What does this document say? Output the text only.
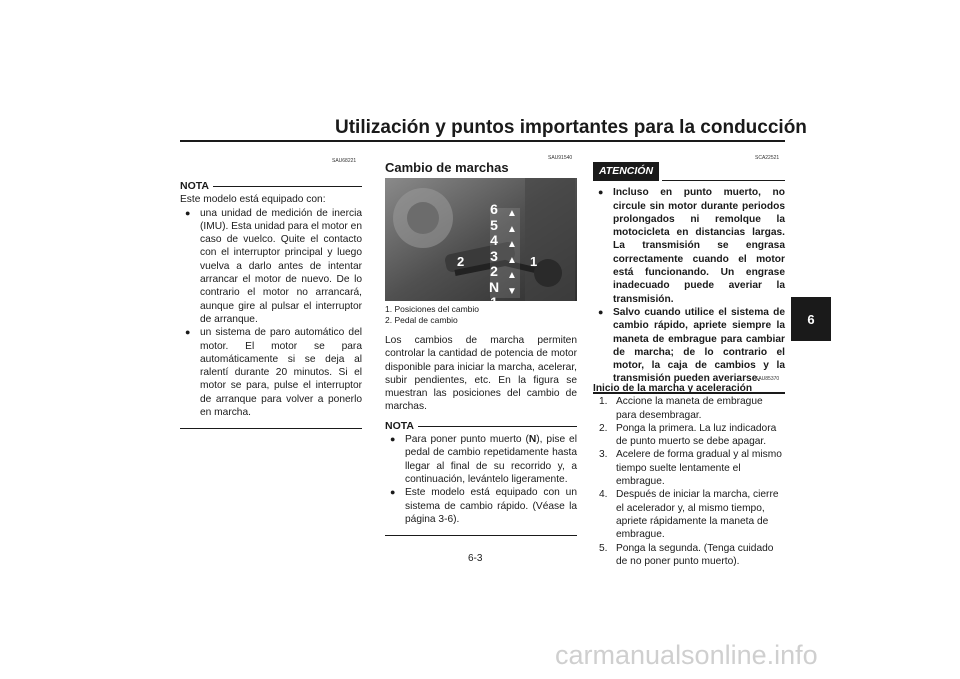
Utilización y puntos importantes para la conducción
6
SAU68221
NOTA

Este modelo está equipado con:

● una unidad de medición de inercia (IMU). Esta unidad para el motor en caso de vuelco. Quite el contacto con el interruptor principal y luego vuelva a darlo antes de intentar arrancar el motor de nuevo. De lo contrario el motor no arrancará, aunque gire al pulsar el interruptor de arranque.
● un sistema de paro automático del motor. El motor se para automáticamente si se deja al ralentí durante 20 minutos. Si el motor se para, pulse el interruptor de arranque para volver a ponerlo en marcha.
SAU91540
Cambio de marchas
6
5
4
3
2
N
1
▲
▲
▲
▲
▲
▼
2	1
1. Posiciones del cambio
2. Pedal de cambio

Los cambios de marcha permiten controlar la cantidad de potencia de motor disponible para iniciar la marcha, acelerar, subir pendientes, etc. En la figura se muestran las posiciones del cambio de marchas.

NOTA
● Para poner punto muerto (N), pise el pedal de cambio repetidamente hasta llegar al final de su recorrido y, a continuación, levántelo ligeramente.
● Este modelo está equipado con un sistema de cambio rápido. (Véase la página 3-6).
SCA22521
ATENCIÓN
● Incluso en punto muerto, no circule sin motor durante periodos prolongados ni remolque la motocicleta en distancias largas. La transmisión se engrasa correctamente cuando el motor está funcionando. Un engrase inadecuado puede averiar la transmisión.
● Salvo cuando utilice el sistema de cambio rápido, apriete siempre la maneta de embrague para cambiar de marcha; de lo contrario el motor, la caja de cambios y la transmisión pueden averiarse.
SAU85370
Inicio de la marcha y aceleración
1. Accione la maneta de embrague para desembragar.
2. Ponga la primera. La luz indicadora de punto muerto se debe apagar.
3. Acelere de forma gradual y al mismo tiempo suelte lentamente el embrague.
4. Después de iniciar la marcha, cierre el acelerador y, al mismo tiempo, apriete rápidamente la maneta de embrague.
5. Ponga la segunda. (Tenga cuidado de no poner punto muerto).
6-3
carmanualsonline.info
